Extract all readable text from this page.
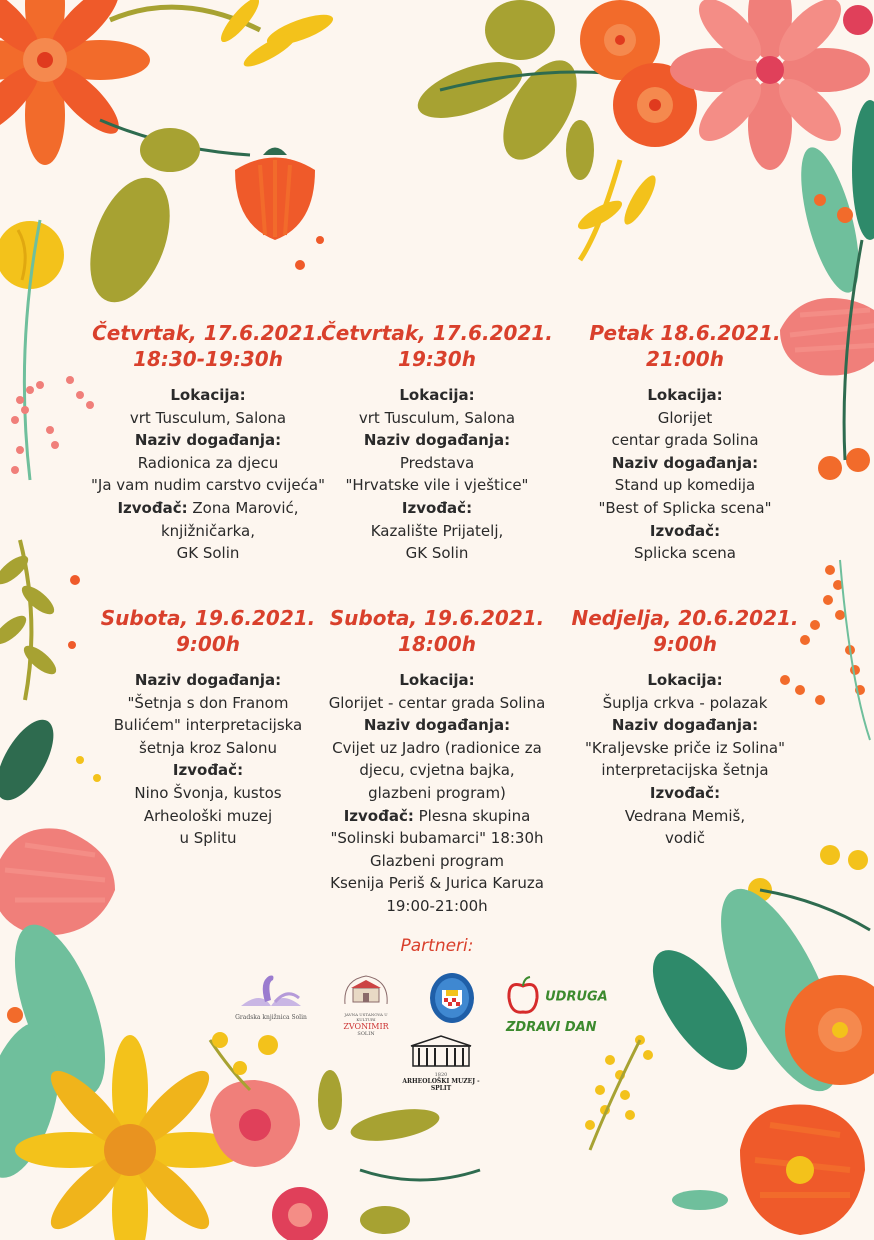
Četvrtak, 17.6.2021.
18:30-19:30h
Lokacija:
vrt Tusculum, Salona
Naziv događanja:
Radionica za djecu
"Ja vam nudim carstvo cvijeća"
Izvođač: Zona Marović,
knjižničarka,
GK Solin
Četvrtak, 17.6.2021.
19:30h
Lokacija:
vrt Tusculum, Salona
Naziv događanja:
Predstava
"Hrvatske vile i vještice"
Izvođač:
Kazalište Prijatelj,
GK Solin
Petak 18.6.2021.
21:00h
Lokacija:
Glorijet
centar grada Solina
Naziv događanja:
Stand up komedija
"Best of Splicka scena"
Izvođač:
Splicka scena
Subota, 19.6.2021.
9:00h
Naziv događanja:
"Šetnja s don Franom
Bulićem" interpretacijska
šetnja kroz Salonu
Izvođač:
Nino Švonja, kustos
Arheološki muzej
u Splitu
Subota, 19.6.2021.
18:00h
Lokacija:
Glorijet - centar grada Solina
Naziv događanja:
Cvijet uz Jadro (radionice za
djecu, cvjetna bajka,
glazbeni program)
Izvođač: Plesna skupina
"Solinski bubamarci" 18:30h
Glazbeni program
Ksenija Periš & Jurica Karuza
19:00-21:00h
Nedjelja, 20.6.2021.
9:00h
Lokacija:
Šuplja crkva - polazak
Naziv događanja:
"Kraljevske priče iz Solina"
interpretacijska šetnja
Izvođač:
Vedrana Memiš,
vodič
Partneri:
Gradska knjižnica Solin	JAVNA USTANOVA U KULTURI
ZVONIMIR
SOLIN
UDRUGA ZDRAVI DAN
1820
ARHEOLOŠKI MUZEJ - SPLIT
